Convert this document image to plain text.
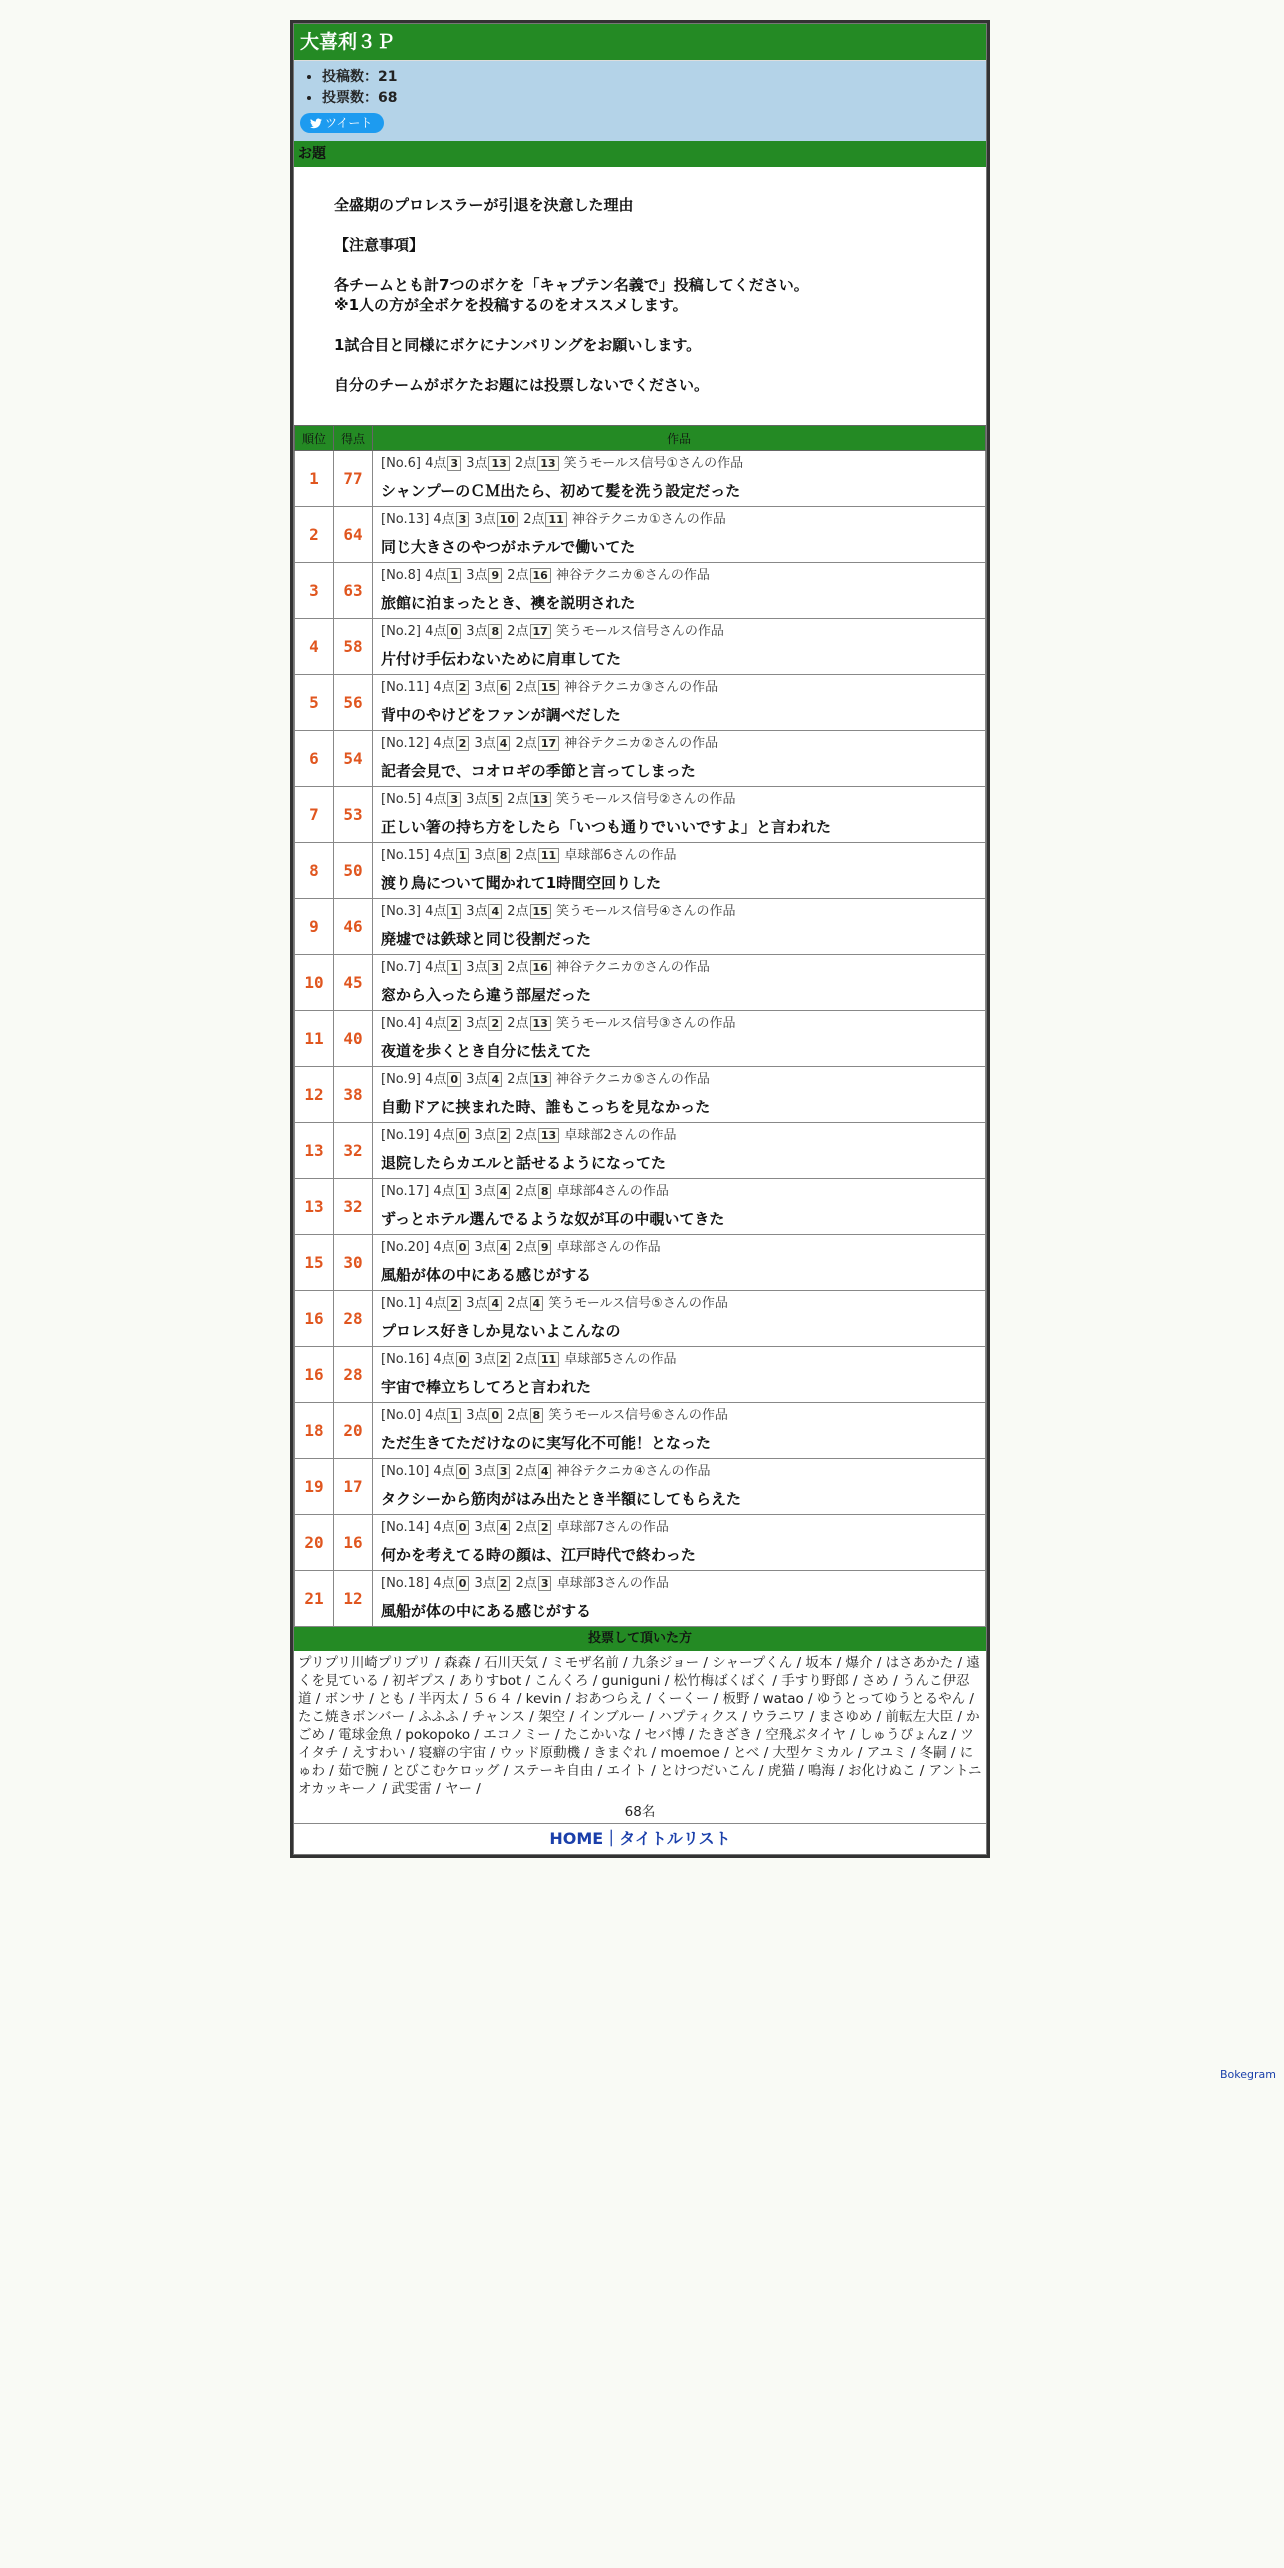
大喜利３Ｐ
• 投稿数：21
• 投票数：68
ツイート
お題

全盛期のプロレスラーが引退を決意した理由

【注意事項】

各チームとも計7つのボケを「キャプテン名義で」投稿してください。
※1人の方が全ボケを投稿するのをオススメします。

1試合目と同様にボケにナンバリングをお願いします。

自分のチームがボケたお題には投票しないでください。

順位	得点	作品
1	77	[No.6] 4点 3 3点 13 2点 13 笑うモールス信号①さんの作品
シャンプーのＣＭ出たら、初めて髪を洗う設定だった

2	64	[No.13] 4点 3 3点 10 2点 11 神谷テクニカ①さんの作品
同じ大きさのやつがホテルで働いてた

3	63	[No.8] 4点 1 3点 9 2点 16 神谷テクニカ⑥さんの作品
旅館に泊まったとき、襖を説明された

4	58	[No.2] 4点 0 3点 8 2点 17 笑うモールス信号さんの作品
片付け手伝わないために肩車してた

5	56	[No.11] 4点 2 3点 6 2点 15 神谷テクニカ③さんの作品
背中のやけどをファンが調べだした

6	54	[No.12] 4点 2 3点 4 2点 17 神谷テクニカ②さんの作品
記者会見で、コオロギの季節と言ってしまった

7	53	[No.5] 4点 3 3点 5 2点 13 笑うモールス信号②さんの作品
正しい箸の持ち方をしたら「いつも通りでいいですよ」と言われた

8	50	[No.15] 4点 1 3点 8 2点 11 卓球部6さんの作品
渡り鳥について聞かれて1時間空回りした

9	46	[No.3] 4点 1 3点 4 2点 15 笑うモールス信号④さんの作品
廃墟では鉄球と同じ役割だった

10	45	[No.7] 4点 1 3点 3 2点 16 神谷テクニカ⑦さんの作品
窓から入ったら違う部屋だった

11	40	[No.4] 4点 2 3点 2 2点 13 笑うモールス信号③さんの作品
夜道を歩くとき自分に怯えてた

12	38	[No.9] 4点 0 3点 4 2点 13 神谷テクニカ⑤さんの作品
自動ドアに挟まれた時、誰もこっちを見なかった

13	32	[No.19] 4点 0 3点 2 2点 13 卓球部2さんの作品
退院したらカエルと話せるようになってた

13	32	[No.17] 4点 1 3点 4 2点 8 卓球部4さんの作品
ずっとホテル選んでるような奴が耳の中覗いてきた

15	30	[No.20] 4点 0 3点 4 2点 9 卓球部さんの作品
風船が体の中にある感じがする

16	28	[No.1] 4点 2 3点 4 2点 4 笑うモールス信号⑤さんの作品
プロレス好きしか見ないよこんなの

16	28	[No.16] 4点 0 3点 2 2点 11 卓球部5さんの作品
宇宙で棒立ちしてろと言われた

18	20	[No.0] 4点 1 3点 0 2点 8 笑うモールス信号⑥さんの作品
ただ生きてただけなのに実写化不可能！となった

19	17	[No.10] 4点 0 3点 3 2点 4 神谷テクニカ④さんの作品
タクシーから筋肉がはみ出たとき半額にしてもらえた

20	16	[No.14] 4点 0 3点 4 2点 2 卓球部7さんの作品
何かを考えてる時の顔は、江戸時代で終わった

21	12	[No.18] 4点 0 3点 2 2点 3 卓球部3さんの作品
風船が体の中にある感じがする
投票して頂いた方
プリプリ川崎プリプリ / 森森 / 石川天気 / ミモザ名前 / 九条ジョー / シャープくん / 坂本 / 爆介 / はさあかた / 遠くを見ている / 初ギプス / ありすbot / こんくろ / guniguni / 松竹梅ばくばく / 手すり野郎 / さめ / うんこ伊忍道 / ボンサ / とも / 半丙太 / ５６４ / kevin / おあつらえ / くーくー / 板野 / watao / ゆうとってゆうとるやん / たこ焼きボンバー / ふふふ / チャンス / 架空 / インブルー / ハプティクス / ウラニワ / まさゆめ / 前転左大臣 / かごめ / 電球金魚 / pokopoko / エコノミー / たこかいな / セバ博 / たきざき / 空飛ぶタイヤ / しゅうぴょんz / ツイタチ / えすわい / 寝癖の宇宙 / ウッド原動機 / きまぐれ / moemoe / とべ / 大型ケミカル / アユミ / 冬嗣 / にゅわ / 茹で腕 / とびこむケロッグ / ステーキ自由 / エイト / とけつだいこん / 虎猫 / 鳴海 / お化けぬこ / アントニオカッキーノ / 武雯雷 / ヤー /
68名
HOME｜タイトルリスト
Bokegram
